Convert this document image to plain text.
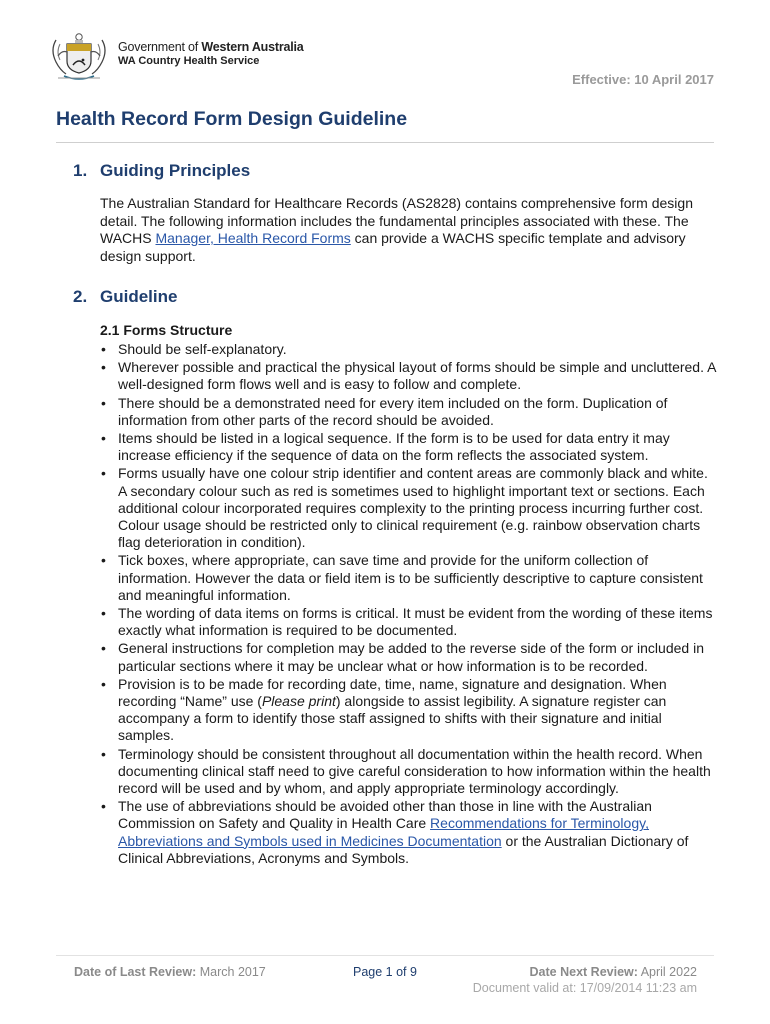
Government of Western Australia
WA Country Health Service
Effective: 10 April 2017
Health Record Form Design Guideline
1. Guiding Principles

The Australian Standard for Healthcare Records (AS2828) contains comprehensive form design detail. The following information includes the fundamental principles associated with these. The WACHS Manager, Health Record Forms can provide a WACHS specific template and advisory design support.

2. Guideline
2.1 Forms Structure
• Should be self-explanatory.
• Wherever possible and practical the physical layout of forms should be simple and uncluttered. A well-designed form flows well and is easy to follow and complete.
• There should be a demonstrated need for every item included on the form. Duplication of information from other parts of the record should be avoided.
• Items should be listed in a logical sequence. If the form is to be used for data entry it may increase efficiency if the sequence of data on the form reflects the associated system.
• Forms usually have one colour strip identifier and content areas are commonly black and white. A secondary colour such as red is sometimes used to highlight important text or sections. Each additional colour incorporated requires complexity to the printing process incurring further cost. Colour usage should be restricted only to clinical requirement (e.g. rainbow observation charts flag deterioration in condition).
• Tick boxes, where appropriate, can save time and provide for the uniform collection of information. However the data or field item is to be sufficiently descriptive to capture consistent and meaningful information.
• The wording of data items on forms is critical. It must be evident from the wording of these items exactly what information is required to be documented.
• General instructions for completion may be added to the reverse side of the form or included in particular sections where it may be unclear what or how information is to be recorded.
• Provision is to be made for recording date, time, name, signature and designation. When recording “Name” use (Please print) alongside to assist legibility. A signature register can accompany a form to identify those staff assigned to shifts with their signature and initial samples.
• Terminology should be consistent throughout all documentation within the health record. When documenting clinical staff need to give careful consideration to how information within the health record will be used and by whom, and apply appropriate terminology accordingly.
• The use of abbreviations should be avoided other than those in line with the Australian Commission on Safety and Quality in Health Care Recommendations for Terminology, Abbreviations and Symbols used in Medicines Documentation or the Australian Dictionary of Clinical Abbreviations, Acronyms and Symbols.
Date of Last Review: March 2017	Page 1 of 9	Date Next Review: April 2022
Document valid at: 17/09/2014 11:23 am
